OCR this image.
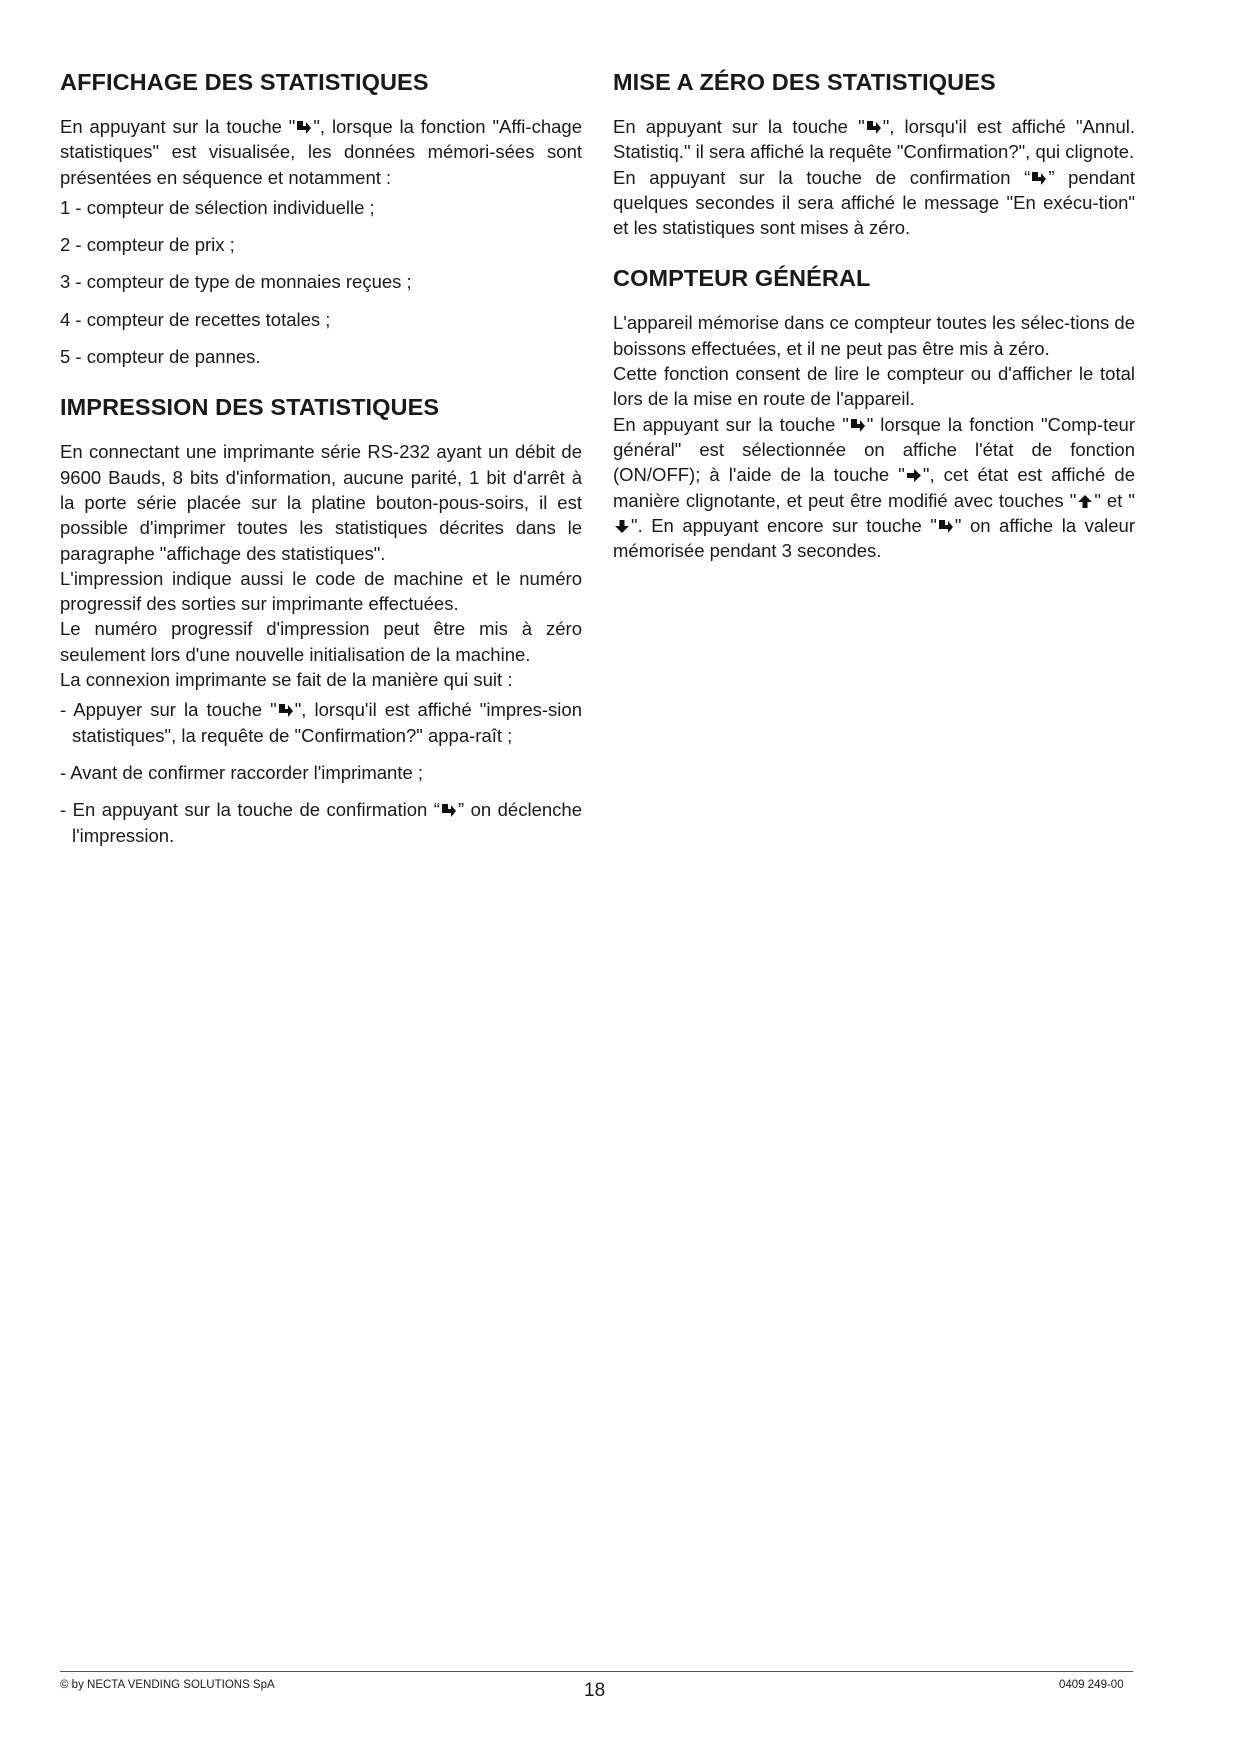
AFFICHAGE DES STATISTIQUES

En appuyant sur la touche " ", lorsque la fonction "Affi-chage statistiques" est visualisée, les données mémori-sées sont présentées en séquence et notamment :

1 - compteur de sélection individuelle ;

2 - compteur de prix ;

3 - compteur de type de monnaies reçues ;

4 - compteur de recettes totales ;

5 - compteur de pannes.

IMPRESSION DES STATISTIQUES

En connectant une imprimante série RS-232 ayant un débit de 9600 Bauds, 8 bits d'information, aucune parité, 1 bit d'arrêt à la porte série placée sur la platine bouton-pous-soirs, il est possible d'imprimer toutes les statistiques décrites dans le paragraphe "affichage des statistiques".

L'impression indique aussi le code de machine et le numéro progressif des sorties sur imprimante effectuées.

Le numéro progressif d'impression peut être mis à zéro seulement lors d'une nouvelle initialisation de la machine.

La connexion imprimante se fait de la manière qui suit :

- Appuyer sur la touche " ", lorsqu'il est affiché "impres-sion statistiques", la requête de "Confirmation?" appa-raît ;

- Avant de confirmer raccorder l'imprimante ;

- En appuyant sur la touche de confirmation “ ” on déclenche l'impression.

MISE A ZÉRO DES STATISTIQUES

En appuyant sur la touche " ", lorsqu'il est affiché "Annul. Statistiq." il sera affiché la requête "Confirmation?", qui clignote.

En appuyant sur la touche de confirmation “ ” pendant quelques secondes il sera affiché le message "En exécu-tion" et les statistiques sont mises à zéro.

COMPTEUR GÉNÉRAL

L'appareil mémorise dans ce compteur toutes les sélec-tions de boissons effectuées, et il ne peut pas être mis à zéro.

Cette fonction consent de lire le compteur ou d'afficher le total lors de la mise en route de l'appareil.

En appuyant sur la touche " " lorsque la fonction "Comp-teur général" est sélectionnée on affiche l'état de fonction (ON/OFF); à l'aide de la touche " ", cet état est affiché de manière clignotante, et peut être modifié avec touches " " et "
". En appuyant encore sur touche " " on affiche la valeur mémorisée pendant 3 secondes.

© by NECTA VENDING SOLUTIONS SpA	18	0409 249-00
